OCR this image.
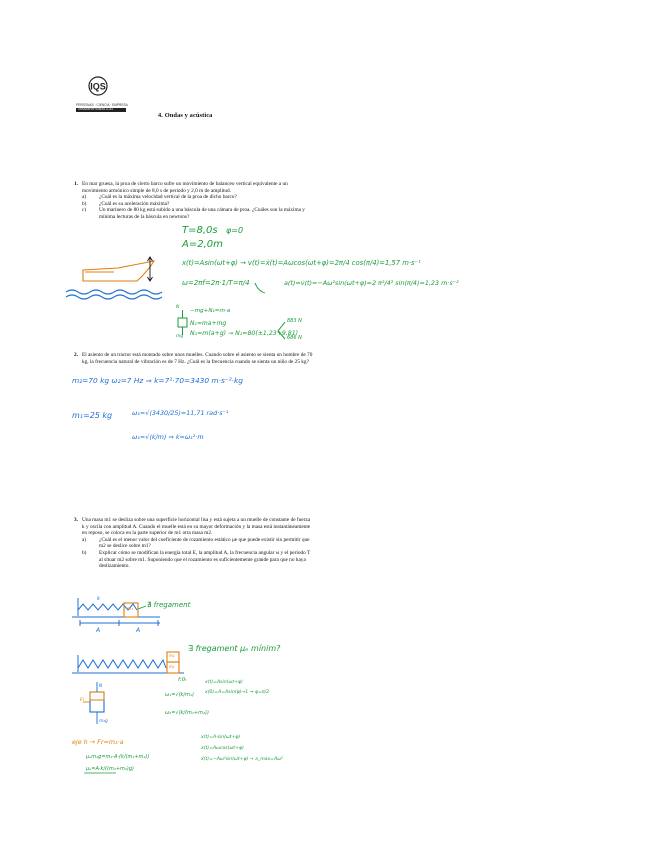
IQS
PERSONAS · CIENCIA · EMPRESA
UNIVERSITAT RAMON LLULL
4. Ondas y acústica
1. En mar gruesa, la proa de cierto barco sufre un movimiento de balanceo vertical equivalente a un movimiento armónico simple de 8,0 s de periodo y 2,0 m de amplitud.

a) ¿Cuál es la máxima velocidad vertical de la proa de dicho barco?
b) ¿Cuál es su aceleración máxima?
c) Un marinero de 80 kg está subido a una báscula de una cámara de proa. ¿Cuáles son la máxima y mínima lecturas de la báscula en newtons?
T=8,0s φ=0
A=2,0m
x(t)=Asin(ωt+φ) → v(t)=ẋ(t)=Aωcos(ωt+φ)=2π/4 cos(π/4)=1,57 m·s⁻¹
ω=2πf=2π·1/T=π/4	a(t)=v̇(t)=−Aω²sin(ωt+φ)=2 π²/4² sin(π/4)=1,23 m·s⁻²
−mg+N₁=m·a
N₁=ma+mg
N₁=m(a+g) → N₁=80(±1,23+9,81)
883 N
686 N
N
mg
2. El asiento de un tractor está montado sobre unos muelles. Cuando sobre el asiento se sienta un hombre de 70 kg, la frecuencia natural de vibración es de 7 Hz. ¿Cuál es la frecuencia cuando se sienta un niño de 25 kg?

m₂=70 kg ω₂=7 Hz ⇒ k=7²·70=3430 m·s⁻²·kg
m₁=25 kg	ω₁=√(3430/25)=11,71 rad·s⁻¹
ω₁=√(k/m) ⇒ k=ω₁²·m
3. Una masa m1 se desliza sobre una superficie horizontal lisa y está sujeta a un muelle de constante de fuerza k y oscila con amplitud A. Cuando el muelle está en su mayor deformación y la masa está instantáneamente en reposo, se coloca en la parte superior de m1 otra masa m2.

a) ¿Cuál es el menor valor del coeficiente de rozamiento estático μe que puede existir sin permitir que m2 se deslice sobre m1?
b) Explicar cómo se modifican la energía total E, la amplitud A, la frecuencia angular ω y el periodo T al situar m2 sobre m1. Suponiendo que el rozamiento es suficientemente grande para que no haya deslizamiento.
k
m₁
∄ fregament
A	A
∃ fregament μₑ mínim?
m₂
m₁
f:0ᵣ	x(t)=Asin(ωt+φ)
ω₁=√(k/m₁) x(0)=A=Asin(φ)→1 ⇒ φ=π/2
ω₂=√(k/(m₁+m₂))
Fr
N
m₂g
eje h → Fr=m₂·a
x(t)=A·sin(ωt+φ)
ẋ(t)=Aωcos(ωt+φ)
ẍ(t)=−Aω²sin(ωt+φ) → a_max=Aω²
μₑm₂g=m₂·A·(k/(m₁+m₂))
μₑ=A·k/((m₁+m₂)g)
